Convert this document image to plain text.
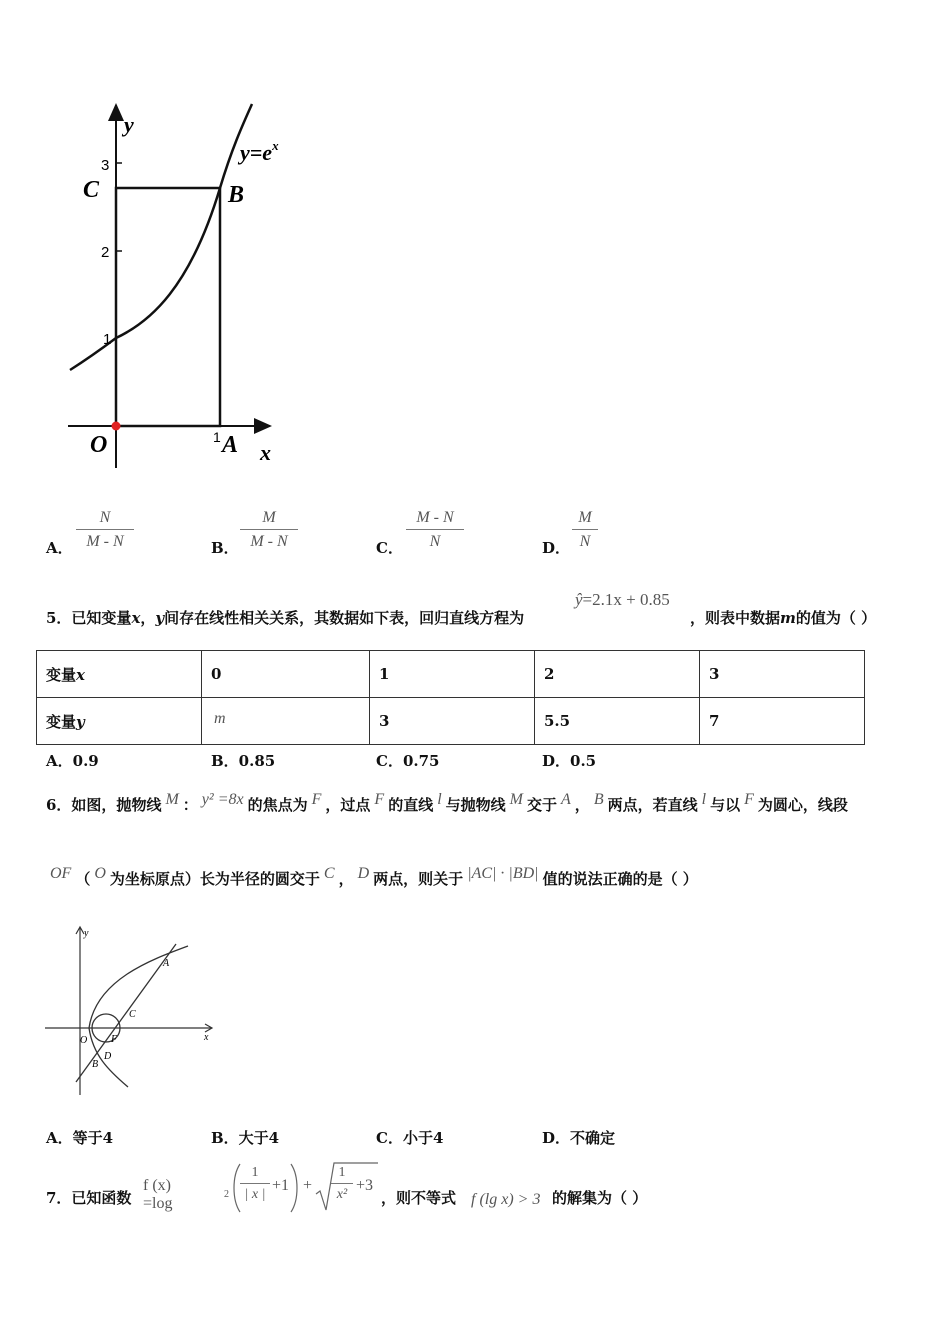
y
x
C	B
O	A
3
2
1
1
$y=e^x$
A．
N
M - N	B．
M
M - N	C．
M - N
N	D．
M
N
5．已知变量x，y间存在线性相关关系，其数据如下表，回归直线方程为
ŷ=2.1x + 0.85
，则表中数据m的值为（ ）
变量x	0	1	2	3
变量y	m	3	5.5	7
A．0.9	B．0.85	C．0.75	D．0.5
6．如图，抛物线 M ： y² =8x 的焦点为 F ，过点 F 的直线 l 与抛物线 M 交于 A ， B 两点，若直线 l 与以 F 为圆心，线段
OF （ O 为坐标原点）长为半径的圆交于 C ， D 两点，则关于 |AC| · |BD| 值的说法正确的是（ ）
y
x
O F
A
C
D
B
A．等于4	B．大于4	C．小于4	D．不确定
7．已知函数
f (x) =log
2
1
| x |
+1 +
1
x²
+3
，则不等式 f (lg x) > 3 的解集为（ ）
